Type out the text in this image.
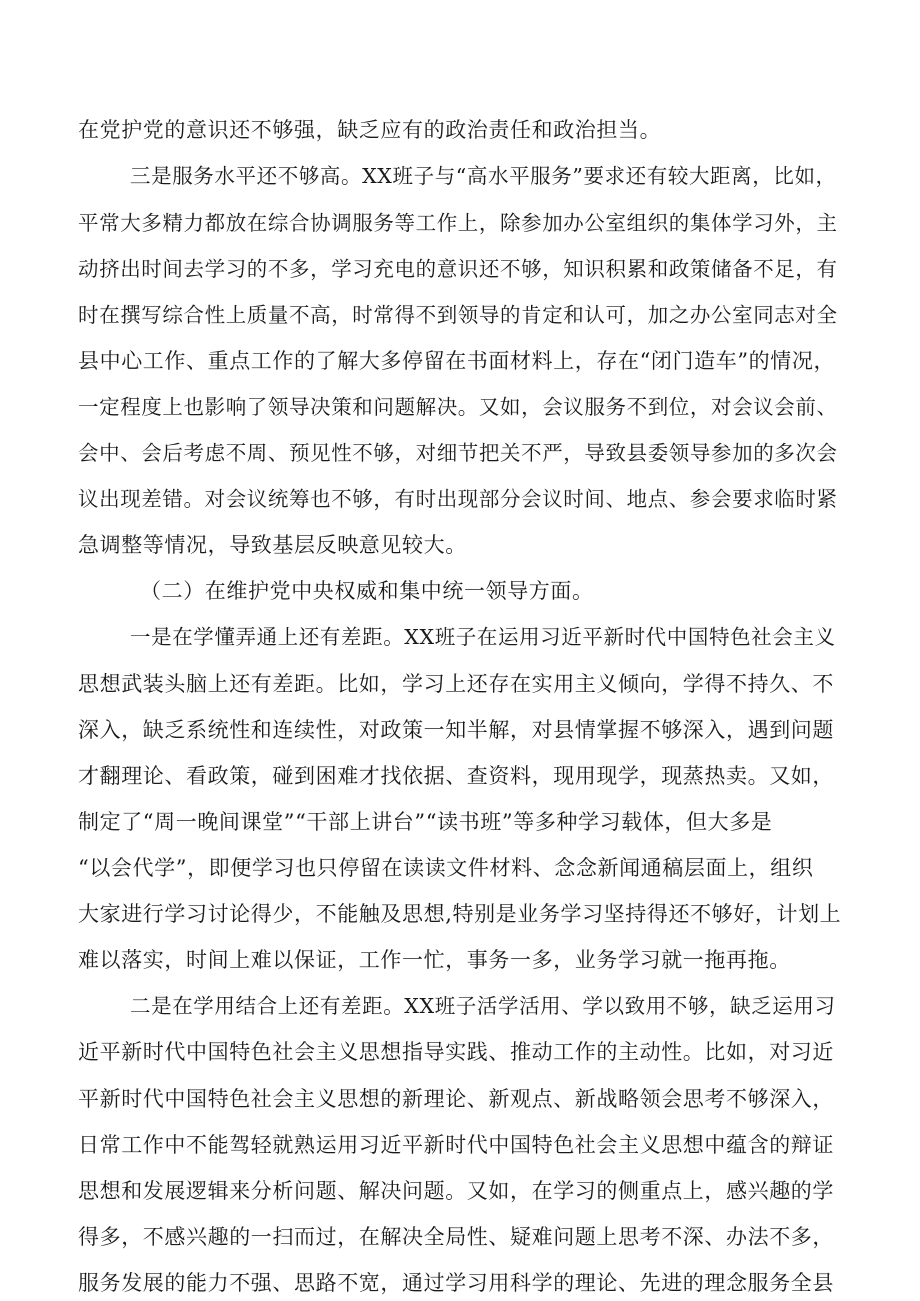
在党护党的意识还不够强，缺乏应有的政治责任和政治担当。
三是服务水平还不够高。XX班子与“高水平服务”要求还有较大距离，比如，
平常大多精力都放在综合协调服务等工作上，除参加办公室组织的集体学习外，主
动挤出时间去学习的不多，学习充电的意识还不够，知识积累和政策储备不足，有
时在撰写综合性上质量不高，时常得不到领导的肯定和认可，加之办公室同志对全
县中心工作、重点工作的了解大多停留在书面材料上，存在“闭门造车”的情况，
一定程度上也影响了领导决策和问题解决。又如，会议服务不到位，对会议会前、
会中、会后考虑不周、预见性不够，对细节把关不严，导致县委领导参加的多次会
议出现差错。对会议统筹也不够，有时出现部分会议时间、地点、参会要求临时紧
急调整等情况，导致基层反映意见较大。
（二）在维护党中央权威和集中统一领导方面。
一是在学懂弄通上还有差距。XX班子在运用习近平新时代中国特色社会主义
思想武装头脑上还有差距。比如，学习上还存在实用主义倾向，学得不持久、不
深入，缺乏系统性和连续性，对政策一知半解，对县情掌握不够深入，遇到问题
才翻理论、看政策，碰到困难才找依据、查资料，现用现学，现蒸热卖。又如，
制定了“周一晚间课堂”“干部上讲台”“读书班”等多种学习载体，但大多是
“以会代学”，即便学习也只停留在读读文件材料、念念新闻通稿层面上，组织
大家进行学习讨论得少，不能触及思想,特别是业务学习坚持得还不够好，计划上
难以落实，时间上难以保证，工作一忙，事务一多，业务学习就一拖再拖。
二是在学用结合上还有差距。XX班子活学活用、学以致用不够，缺乏运用习
近平新时代中国特色社会主义思想指导实践、推动工作的主动性。比如，对习近
平新时代中国特色社会主义思想的新理论、新观点、新战略领会思考不够深入，
日常工作中不能驾轻就熟运用习近平新时代中国特色社会主义思想中蕴含的辩证
思想和发展逻辑来分析问题、解决问题。又如，在学习的侧重点上，感兴趣的学
得多，不感兴趣的一扫而过，在解决全局性、疑难问题上思考不深、办法不多，
服务发展的能力不强、思路不宽，通过学习用科学的理论、先进的理念服务全县
